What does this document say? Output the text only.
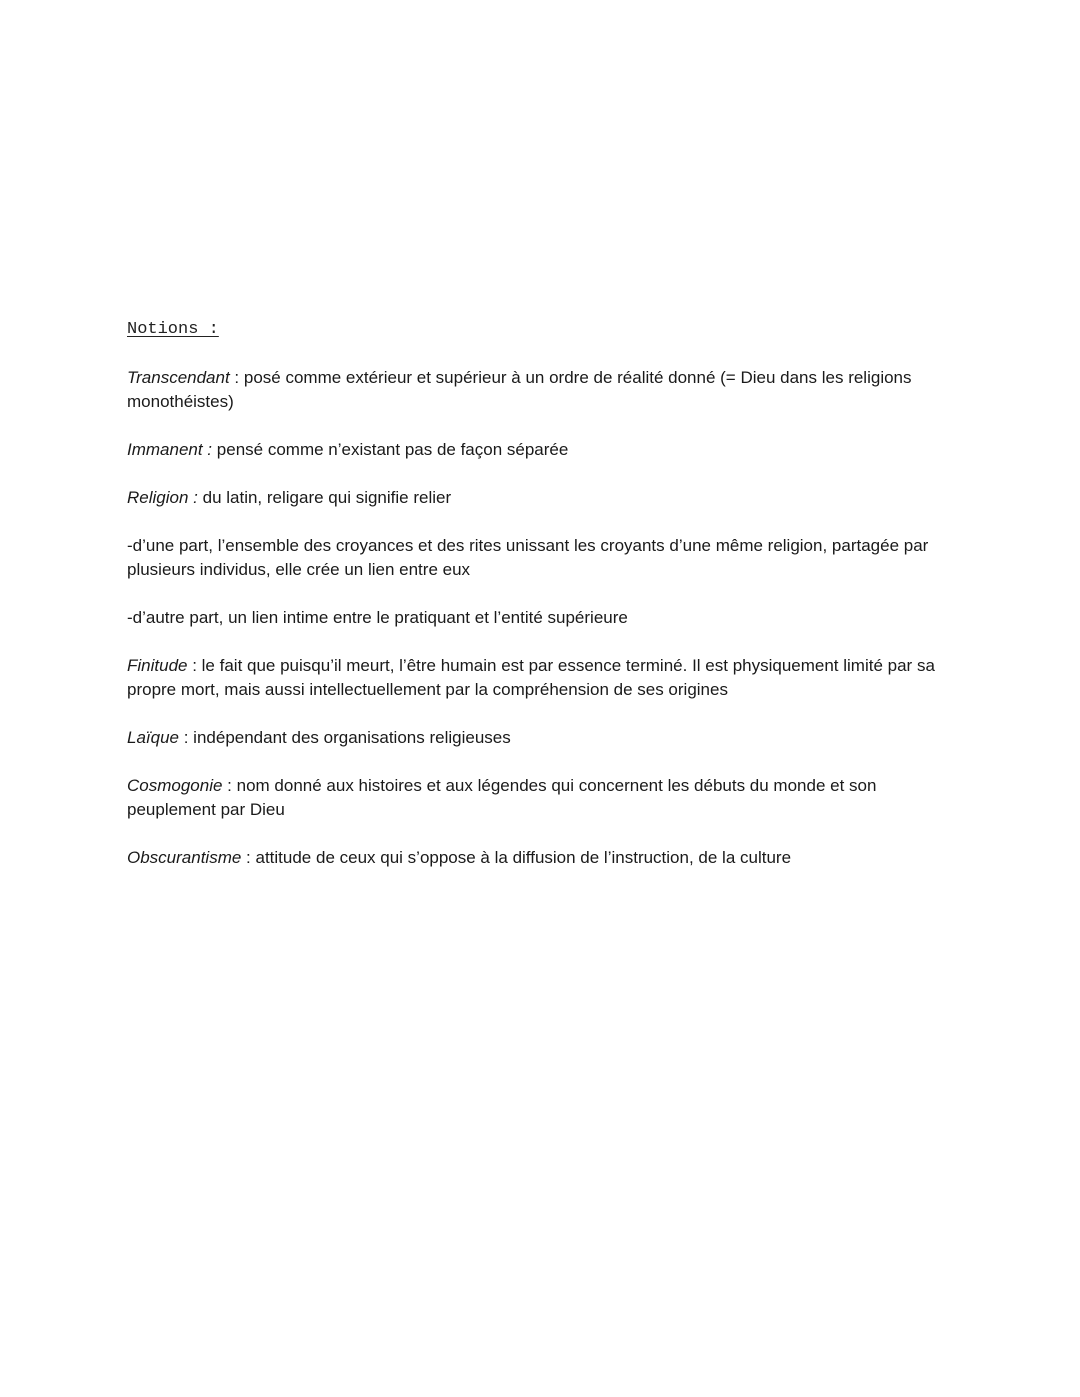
Notions :

Transcendant : posé comme extérieur et supérieur à un ordre de réalité donné (= Dieu dans les religions monothéistes)

Immanent : pensé comme n’existant pas de façon séparée

Religion : du latin, religare qui signifie relier

-d’une part, l’ensemble des croyances et des rites unissant les croyants d’une même religion, partagée par plusieurs individus, elle crée un lien entre eux

-d’autre part, un lien intime entre le pratiquant et l’entité supérieure

Finitude : le fait que puisqu’il meurt, l’être humain est par essence terminé. Il est physiquement limité par sa propre mort, mais aussi intellectuellement par la compréhension de ses origines

Laïque : indépendant des organisations religieuses

Cosmogonie : nom donné aux histoires et aux légendes qui concernent les débuts du monde et son peuplement par Dieu

Obscurantisme : attitude de ceux qui s’oppose à la diffusion de l’instruction, de la culture
